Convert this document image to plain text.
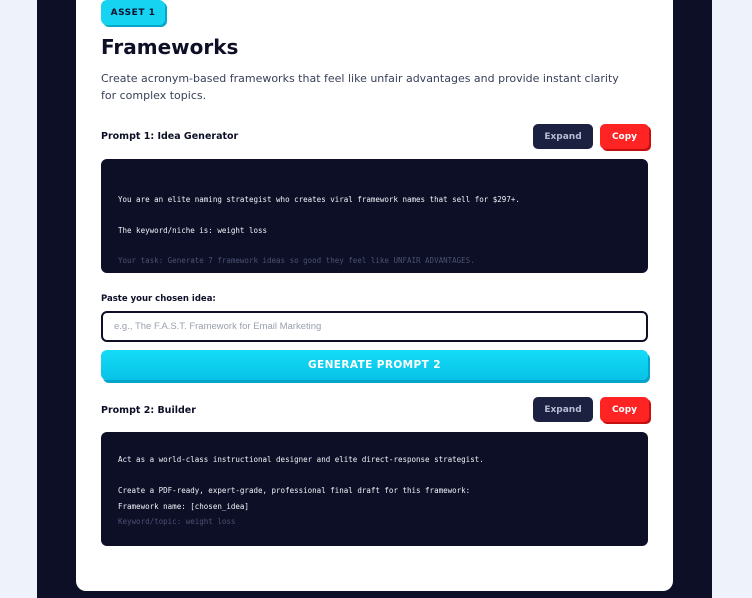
ASSET 1
Frameworks
Create acronym-based frameworks that feel like unfair advantages and provide instant clarity for complex topics.
Prompt 1: Idea Generator	Expand	Copy
You are an elite naming strategist who creates viral framework names that sell for $297+.
The keyword/niche is: weight loss
Your task: Generate 7 framework ideas so good they feel like UNFAIR ADVANTAGES.
Paste your chosen idea:
e.g., The F.A.S.T. Framework for Email Marketing
GENERATE PROMPT 2
Prompt 2: Builder	Expand	Copy
Act as a world-class instructional designer and elite direct-response strategist.
Create a PDF-ready, expert-grade, professional final draft for this framework:
Framework name: [chosen_idea]
Keyword/topic: weight loss
